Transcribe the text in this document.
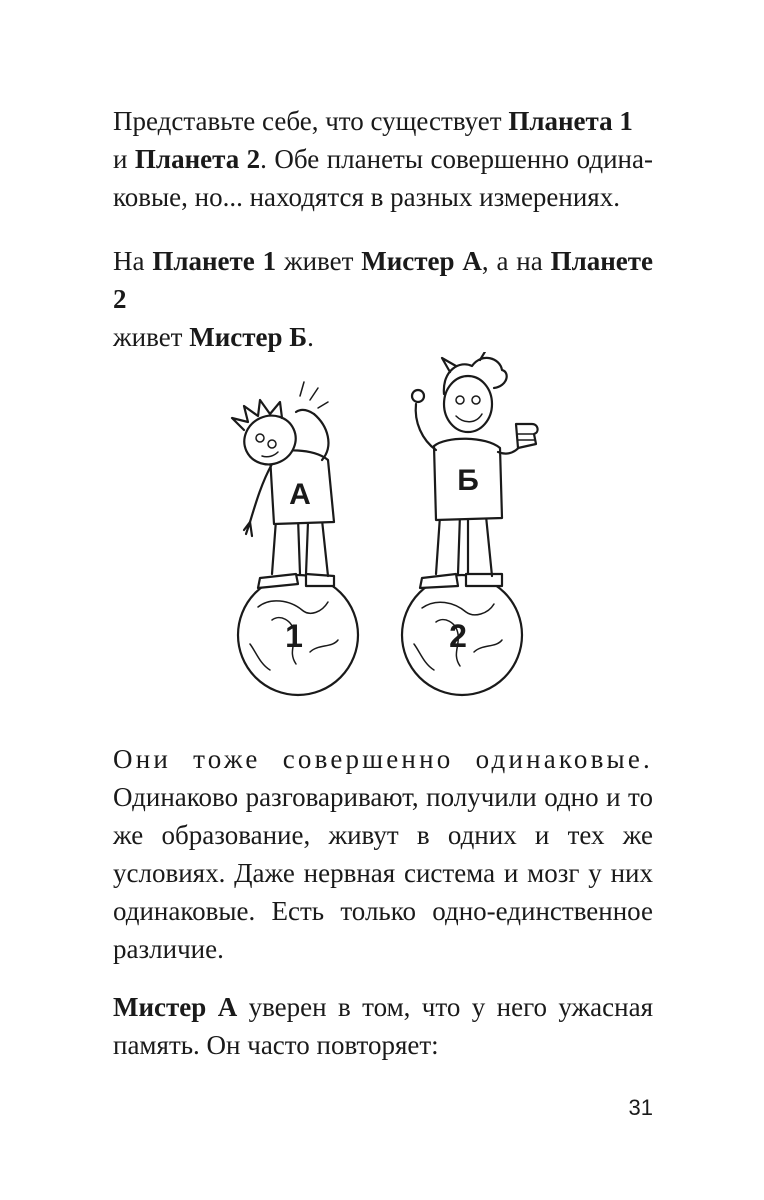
Представьте себе, что существует Планета 1
и Планета 2. Обе планеты совершенно одина-ковые, но... находятся в разных измерениях.

На Планете 1 живет Мистер А, а на Планете 2
живет Мистер Б.

А
1
Б
2

Они тоже совершенно одинаковые. Одинаково разговаривают, получили одно и то же образование, живут в одних и тех же условиях. Даже нервная система и мозг у них одинаковые. Есть только одно-единственное различие.

Мистер А уверен в том, что у него ужасная память. Он часто повторяет:

31
